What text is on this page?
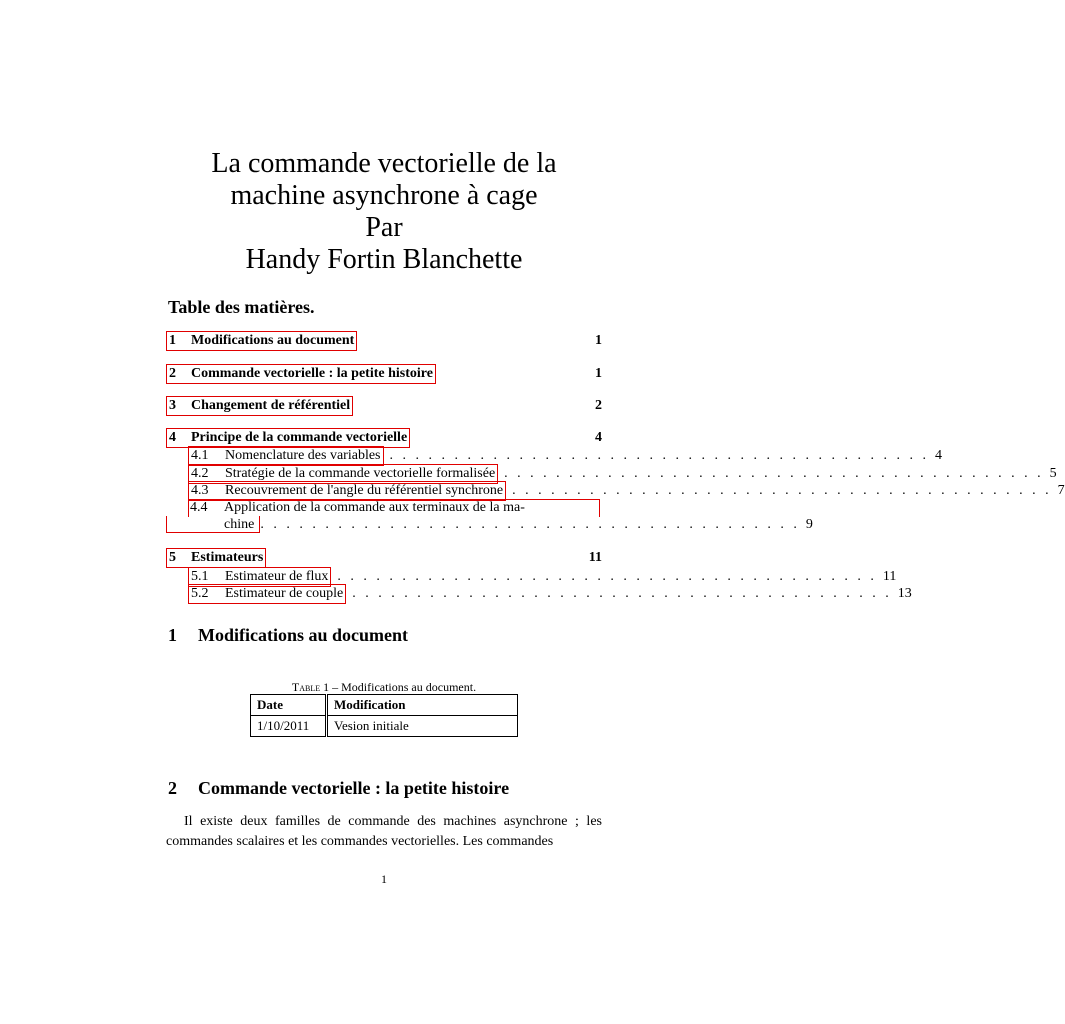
La commande vectorielle de la
machine asynchrone à cage
Par
Handy Fortin Blanchette
Table des matières.
1 Modifications au document	1
2 Commande vectorielle : la petite histoire	1
3 Changement de référentiel	2
4 Principe de la commande vectorielle	4
4.1 Nomenclature des variables . . . . . . . . . . . . . . . . . . . . . . . . . . . . . . . . . . . . . . . . . . 4
4.2 Stratégie de la commande vectorielle formalisée . . . . . . . . . . . . . . . . . . . . . . . . . . . . . . . . . . . . . . . . . . 5
4.3 Recouvrement de l'angle du référentiel synchrone . . . . . . . . . . . . . . . . . . . . . . . . . . . . . . . . . . . . . . . . . . 7
4.4 Application de la commande aux terminaux de la ma-
chine . . . . . . . . . . . . . . . . . . . . . . . . . . . . . . . . . . . . . . . . . . 9
5 Estimateurs	11
5.1 Estimateur de flux . . . . . . . . . . . . . . . . . . . . . . . . . . . . . . . . . . . . . . . . . . 11
5.2 Estimateur de couple . . . . . . . . . . . . . . . . . . . . . . . . . . . . . . . . . . . . . . . . . . 13
1 Modifications au document
Table 1 – Modifications au document.
Date	Modification
1/10/2011	Vesion initiale
2 Commande vectorielle : la petite histoire
Il existe deux familles de commande des machines asynchrone ; les commandes scalaires et les commandes vectorielles. Les commandes
1
